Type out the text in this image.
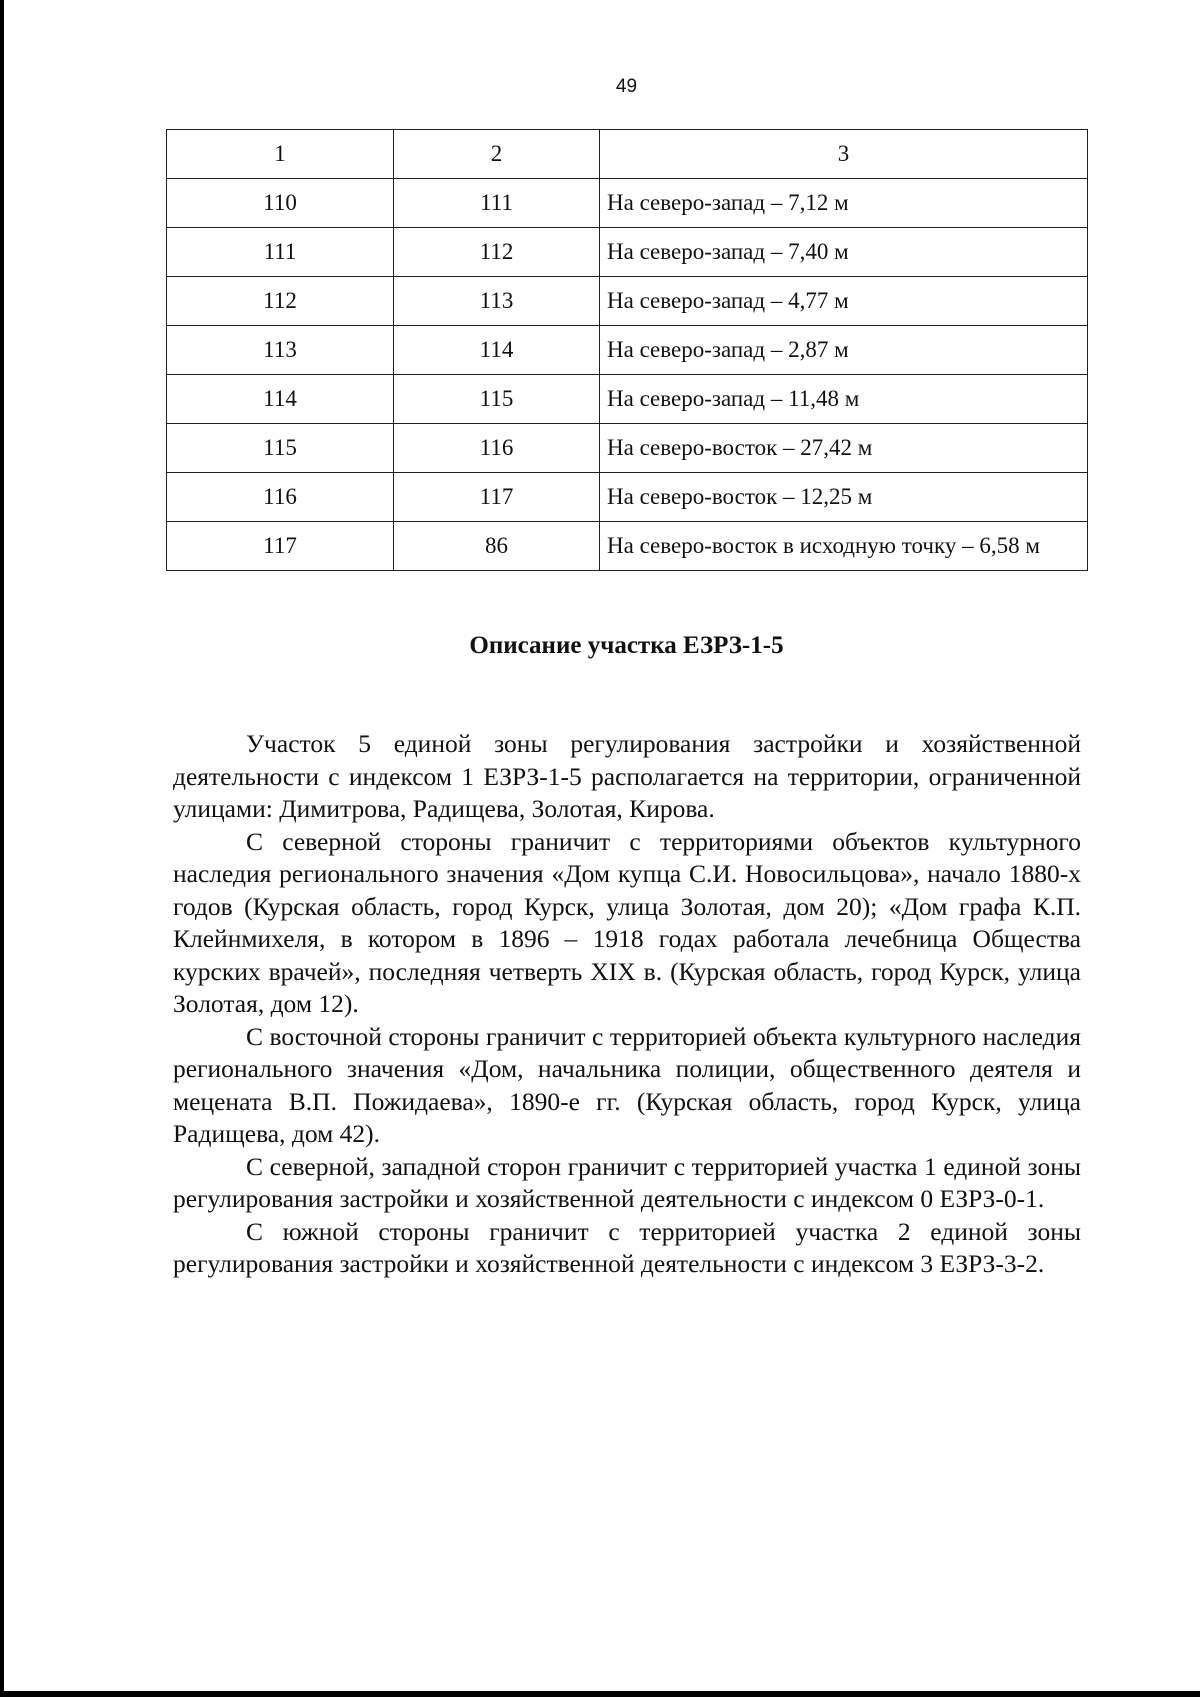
49
1	2	3
110	111	На северо-запад – 7,12 м
111	112	На северо-запад – 7,40 м
112	113	На северо-запад – 4,77 м
113	114	На северо-запад – 2,87 м
114	115	На северо-запад – 11,48 м
115	116	На северо-восток – 27,42 м
116	117	На северо-восток – 12,25 м
117	86	На северо-восток в исходную точку – 6,58 м
Описание участка ЕЗРЗ-1-5

Участок 5 единой зоны регулирования застройки и хозяйственной деятельности с индексом 1 ЕЗРЗ-1-5 располагается на территории, ограниченной улицами: Димитрова, Радищева, Золотая, Кирова.

С северной стороны граничит с территориями объектов культурного наследия регионального значения «Дом купца С.И. Новосильцова», начало 1880-х годов (Курская область, город Курск, улица Золотая, дом 20); «Дом графа К.П. Клейнмихеля, в котором в 1896 – 1918 годах работала лечебница Общества курских врачей», последняя четверть XIX в. (Курская область, город Курск, улица Золотая, дом 12).

С восточной стороны граничит с территорией объекта культурного наследия регионального значения «Дом, начальника полиции, общественного деятеля и мецената В.П. Пожидаева», 1890-е гг. (Курская область, город Курск, улица Радищева, дом 42).

С северной, западной сторон граничит с территорией участка 1 единой зоны регулирования застройки и хозяйственной деятельности с индексом 0 ЕЗРЗ-0-1.

С южной стороны граничит с территорией участка 2 единой зоны регулирования застройки и хозяйственной деятельности с индексом 3 ЕЗРЗ-3-2.
